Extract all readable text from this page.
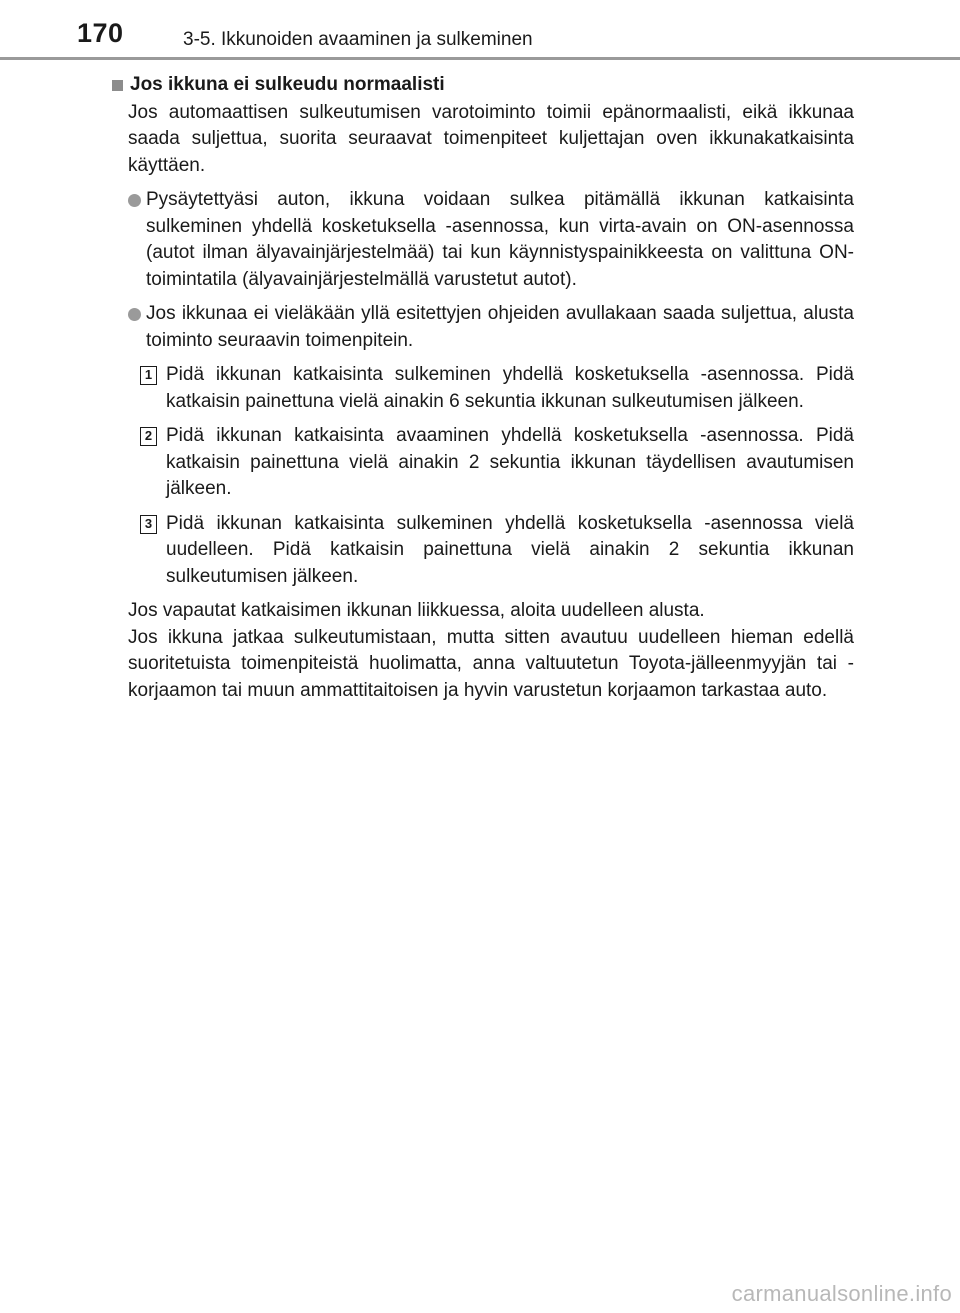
170	3-5. Ikkunoiden avaaminen ja sulkeminen
Jos ikkuna ei sulkeudu normaalisti

Jos automaattisen sulkeutumisen varotoiminto toimii epänormaalisti, eikä ikkunaa saada suljettua, suorita seuraavat toimenpiteet kuljettajan oven ikkunakatkaisinta käyttäen.

Pysäytettyäsi auton, ikkuna voidaan sulkea pitämällä ikkunan katkaisinta sulkeminen yhdellä kosketuksella -asennossa, kun virta-avain on ON-asennossa (autot ilman älyavainjärjestelmää) tai kun käynnistyspainikkeesta on valittuna ON-toimintatila (älyavainjärjestelmällä varustetut autot).
Jos ikkunaa ei vieläkään yllä esitettyjen ohjeiden avullakaan saada suljettua, alusta toiminto seuraavin toimenpitein.
1 Pidä ikkunan katkaisinta sulkeminen yhdellä kosketuksella -asennossa. Pidä katkaisin painettuna vielä ainakin 6 sekuntia ikkunan sulkeutumisen jälkeen.
2 Pidä ikkunan katkaisinta avaaminen yhdellä kosketuksella -asennossa. Pidä katkaisin painettuna vielä ainakin 2 sekuntia ikkunan täydellisen avautumisen jälkeen.
3 Pidä ikkunan katkaisinta sulkeminen yhdellä kosketuksella -asennossa vielä uudelleen. Pidä katkaisin painettuna vielä ainakin 2 sekuntia ikkunan sulkeutumisen jälkeen.

Jos vapautat katkaisimen ikkunan liikkuessa, aloita uudelleen alusta.

Jos ikkuna jatkaa sulkeutumistaan, mutta sitten avautuu uudelleen hieman edellä suoritetuista toimenpiteistä huolimatta, anna valtuutetun Toyota-jälleenmyyjän tai -korjaamon tai muun ammattitaitoisen ja hyvin varustetun korjaamon tarkastaa auto.

carmanualsonline.info
